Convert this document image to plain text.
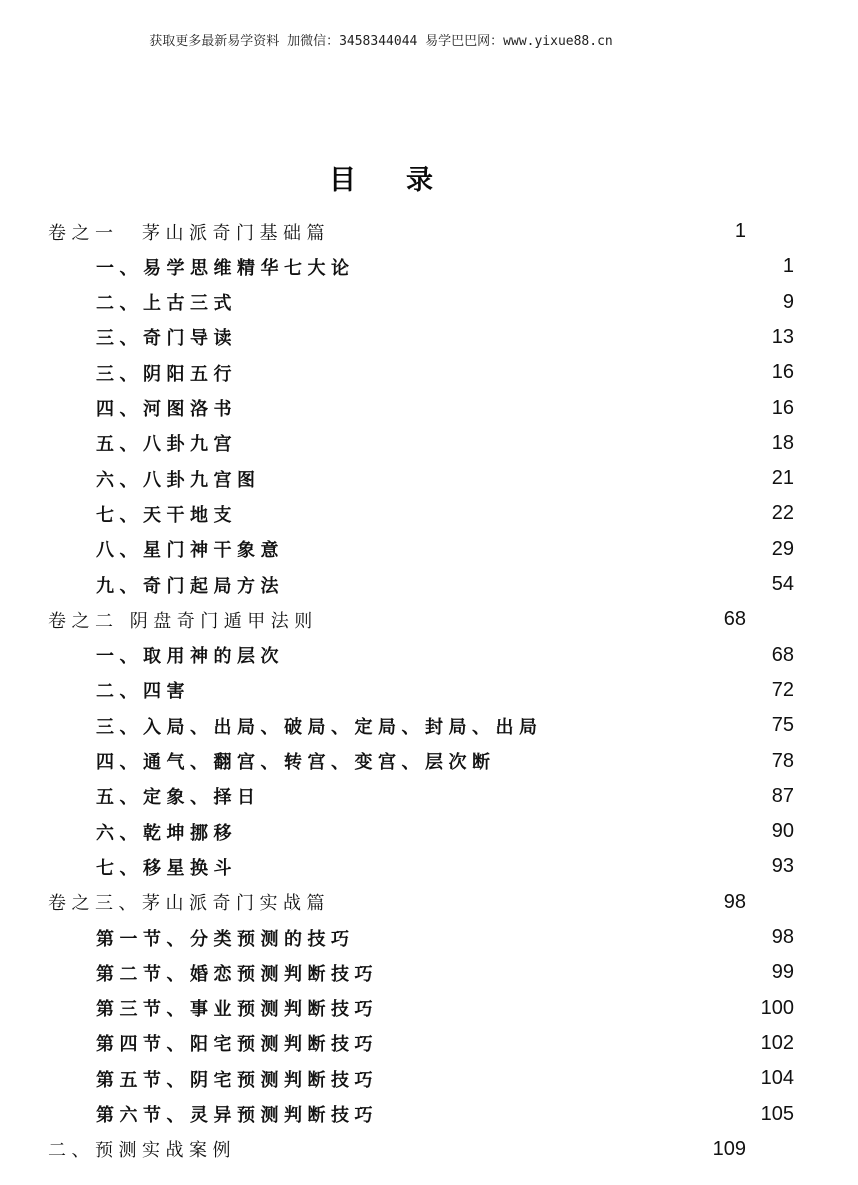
获取更多最新易学资料 加微信：3458344044 易学巴巴网：www.yixue88.cn
目 录
卷之一　茅山派奇门基础篇	1
一、易学思维精华七大论	1
二、上古三式	9
三、奇门导读	13
三、阴阳五行	16
四、河图洛书	16
五、八卦九宫	18
六、八卦九宫图	21
七、天干地支	22
八、星门神干象意	29
九、奇门起局方法	54
卷之二 阴盘奇门遁甲法则	68
一、取用神的层次	68
二、四害	72
三、入局、出局、破局、定局、封局、出局	75
四、通气、翻宫、转宫、变宫、层次断	78
五、定象、择日	87
六、乾坤挪移	90
七、移星换斗	93
卷之三、茅山派奇门实战篇	98
第一节、分类预测的技巧	98
第二节、婚恋预测判断技巧	99
第三节、事业预测判断技巧	100
第四节、阳宅预测判断技巧	102
第五节、阴宅预测判断技巧	104
第六节、灵异预测判断技巧	105
二、预测实战案例	109
